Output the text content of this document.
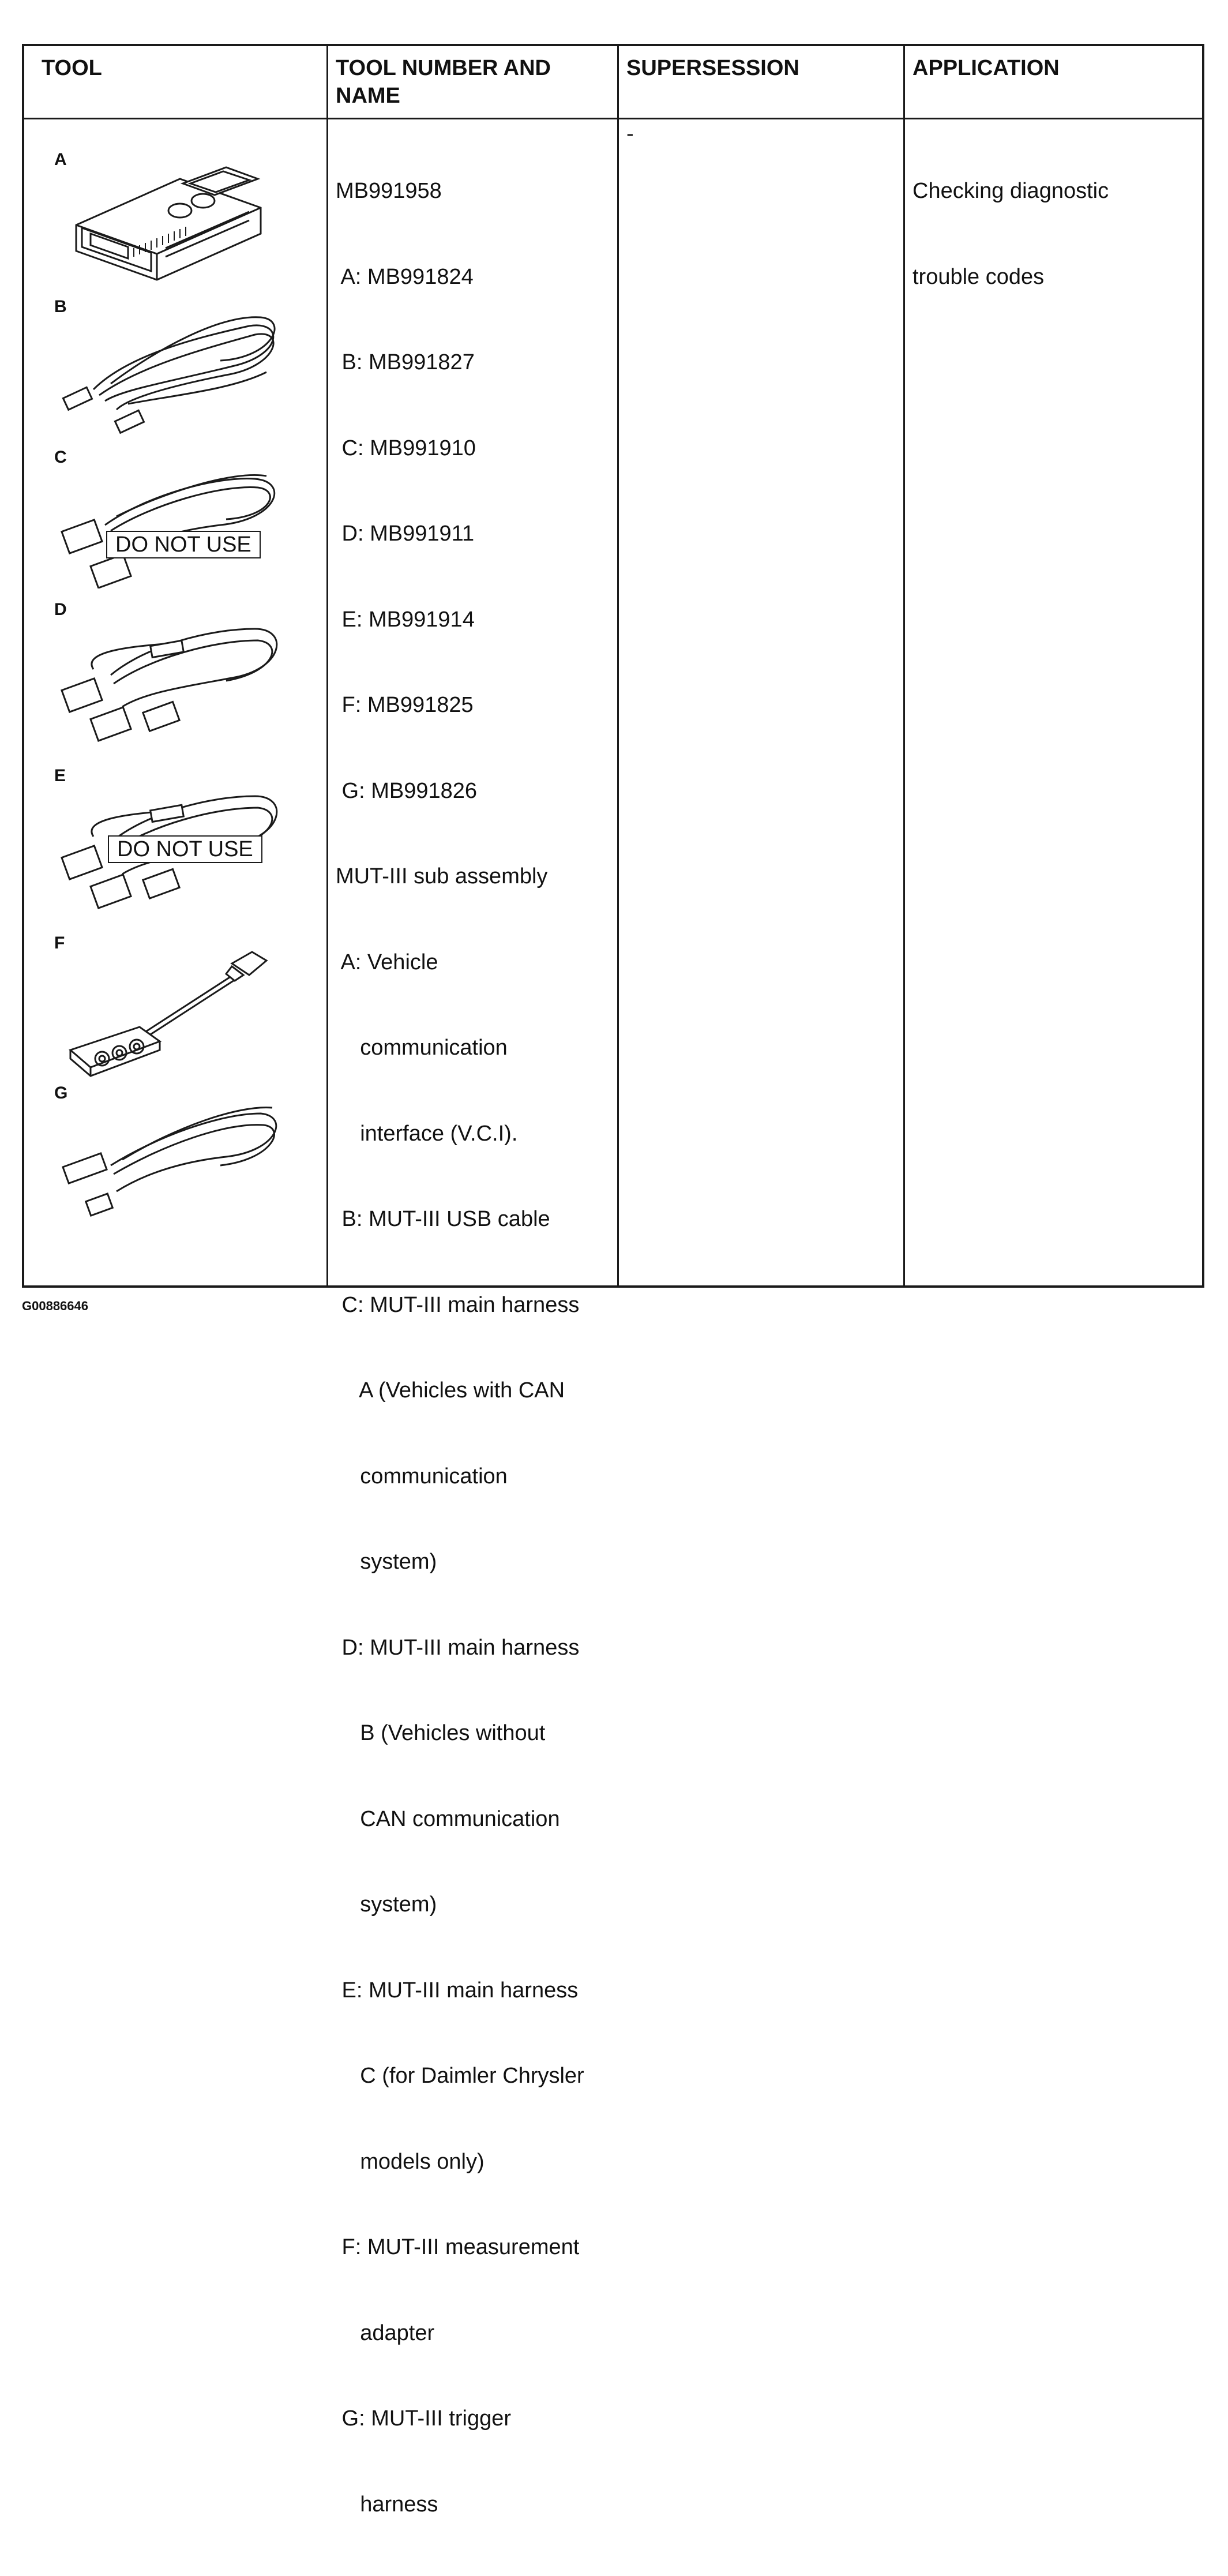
TOOL	TOOL NUMBER AND
NAME
SUPERSESSION	APPLICATION
A
B
C
DO NOT USE
D
E
DO NOT USE
F
G

MB991958

A: MB991824

B: MB991827

C: MB991910

D: MB991911

E: MB991914

F: MB991825

G: MB991826

MUT-III sub assembly

A: Vehicle

communication

interface (V.C.I).

B: MUT-III USB cable

C: MUT-III main harness

A (Vehicles with CAN

communication

system)

D: MUT-III main harness

B (Vehicles without

CAN communication

system)

E: MUT-III main harness

C (for Daimler Chrysler

models only)

F: MUT-III measurement

adapter

G: MUT-III trigger

harness

-

Checking diagnostic

trouble codes

G00886646
